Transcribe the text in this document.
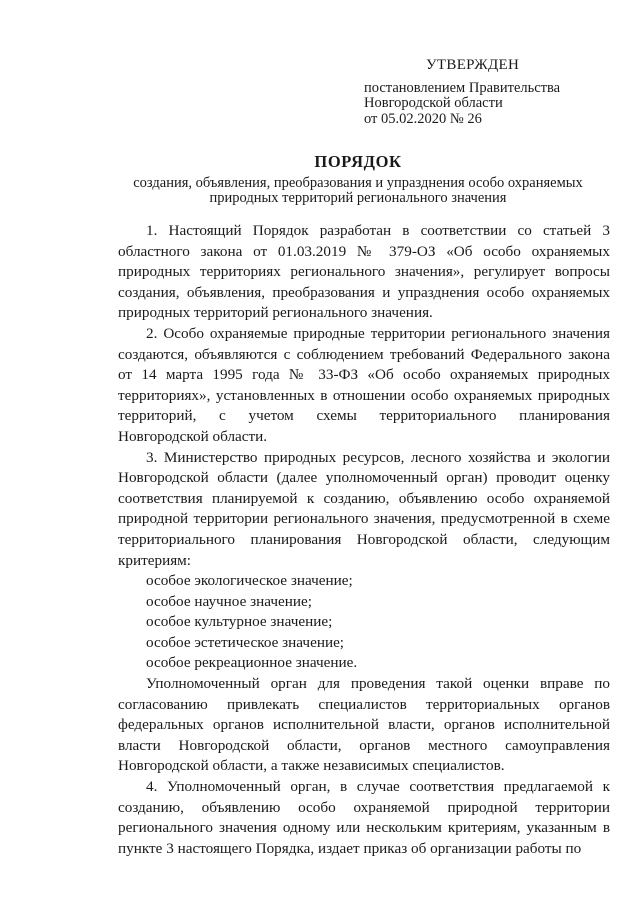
УТВЕРЖДЕН
постановлением Правительства
Новгородской области
от 05.02.2020 № 26
ПОРЯДОК
создания, объявления, преобразования и упразднения особо охраняемых
природных территорий регионального значения

1. Настоящий Порядок разработан в соответствии со статьей 3 областного закона от 01.03.2019 № 379-ОЗ «Об особо охраняемых природных территориях регионального значения», регулирует вопросы создания, объявления, преобразования и упразднения особо охраняемых природных территорий регионального значения.

2. Особо охраняемые природные территории регионального значения создаются, объявляются с соблюдением требований Федерального закона от 14 марта 1995 года № 33-ФЗ «Об особо охраняемых природных территориях», установленных в отношении особо охраняемых природных территорий, с учетом схемы территориального планирования Новгородской области.

3. Министерство природных ресурсов, лесного хозяйства и экологии Новгородской области (далее уполномоченный орган) проводит оценку соответствия планируемой к созданию, объявлению особо охраняемой природной территории регионального значения, предусмотренной в схеме территориального планирования Новгородской области, следующим критериям:

особое экологическое значение;

особое научное значение;

особое культурное значение;

особое эстетическое значение;

особое рекреационное значение.

Уполномоченный орган для проведения такой оценки вправе по согласованию привлекать специалистов территориальных органов федеральных органов исполнительной власти, органов исполнительной власти Новгородской области, органов местного самоуправления Новгородской области, а также независимых специалистов.

4. Уполномоченный орган, в случае соответствия предлагаемой к созданию, объявлению особо охраняемой природной территории регионального значения одному или нескольким критериям, указанным в пункте 3 настоящего Порядка, издает приказ об организации работы по
